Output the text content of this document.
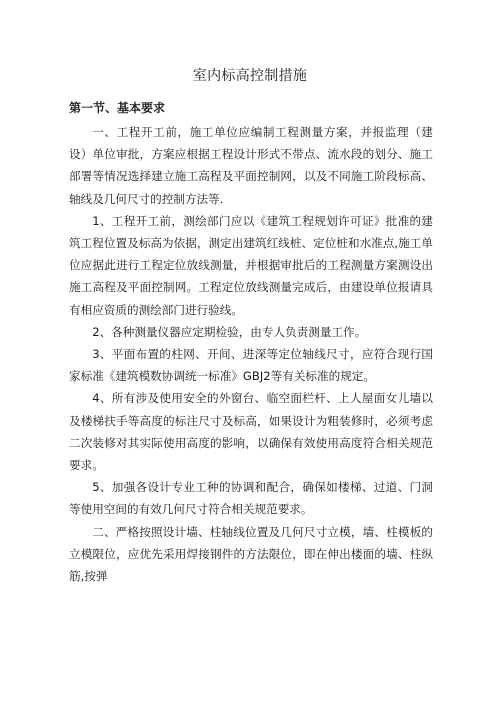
室内标高控制措施
第一节、基本要求

一、工程开工前，施工单位应编制工程测量方案，并报监理（建设）单位审批，方案应根据工程设计形式不带点、流水段的划分、施工部署等情况选择建立施工高程及平面控制网，以及不同施工阶段标高、轴线及几何尺寸的控制方法等.

1、工程开工前，测绘部门应以《建筑工程规划许可证》批准的建筑工程位置及标高为依据，测定出建筑红线桩、定位桩和水准点,施工单位应据此进行工程定位放线测量，并根据审批后的工程测量方案测设出施工高程及平面控制网。工程定位放线测量完成后，由建设单位报请具有相应资质的测绘部门进行验线。

2、各种测量仪器应定期检验，由专人负责测量工作。

3、平面布置的柱网、开间、进深等定位轴线尺寸，应符合现行国家标准《建筑模数协调统一标准》GBJ2等有关标准的规定。

4、所有涉及使用安全的外窗台、临空面栏杆、上人屋面女儿墙以及楼梯扶手等高度的标注尺寸及标高，如果设计为粗装修时，必须考虑二次装修对其实际使用高度的影响，以确保有效使用高度符合相关规范要求。

5、加强各设计专业工种的协调和配合，确保如楼梯、过道、门洞等使用空间的有效几何尺寸符合相关规范要求。

二、严格按照设计墙、柱轴线位置及几何尺寸立模，墙、柱模板的立模限位，应优先采用焊接钢件的方法限位，即在伸出楼面的墙、柱纵筋,按弹
